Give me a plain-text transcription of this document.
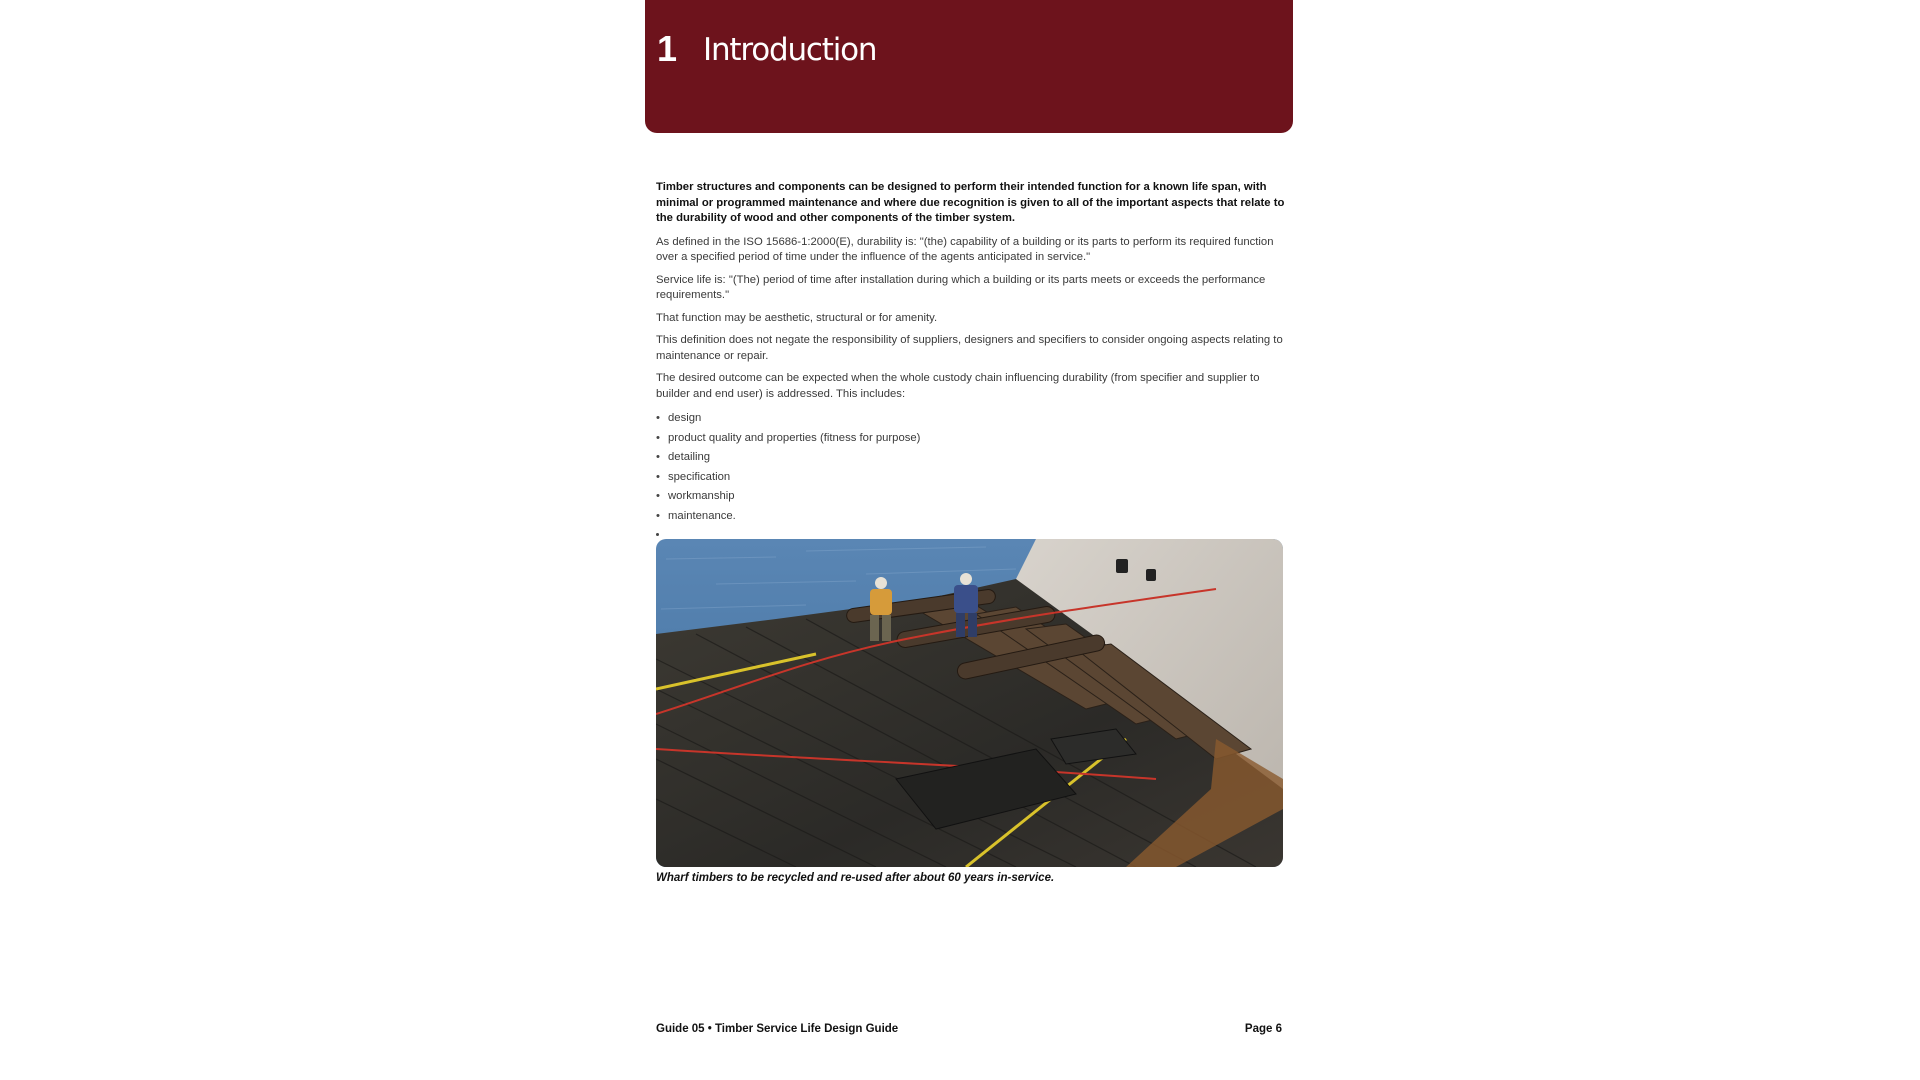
1 Introduction

Timber structures and components can be designed to perform their intended function for a known life span, with minimal or programmed maintenance and where due recognition is given to all of the important aspects that relate to the durability of wood and other components of the timber system.

As defined in the ISO 15686-1:2000(E), durability is: "(the) capability of a building or its parts to perform its required function over a specified period of time under the influence of the agents anticipated in service."

Service life is: "(The) period of time after installation during which a building or its parts meets or exceeds the performance requirements."

That function may be aesthetic, structural or for amenity.

This definition does not negate the responsibility of suppliers, designers and specifiers to consider ongoing aspects relating to maintenance or repair.

The desired outcome can be expected when the whole custody chain influencing durability (from specifier and supplier to builder and end user) is addressed. This includes:

• design
• product quality and properties (fitness for purpose)
• detailing
• specification
• workmanship
• maintenance.
Wharf timbers to be recycled and re-used after about 60 years in-service.
Guide 05 • Timber Service Life Design Guide	Page 6
